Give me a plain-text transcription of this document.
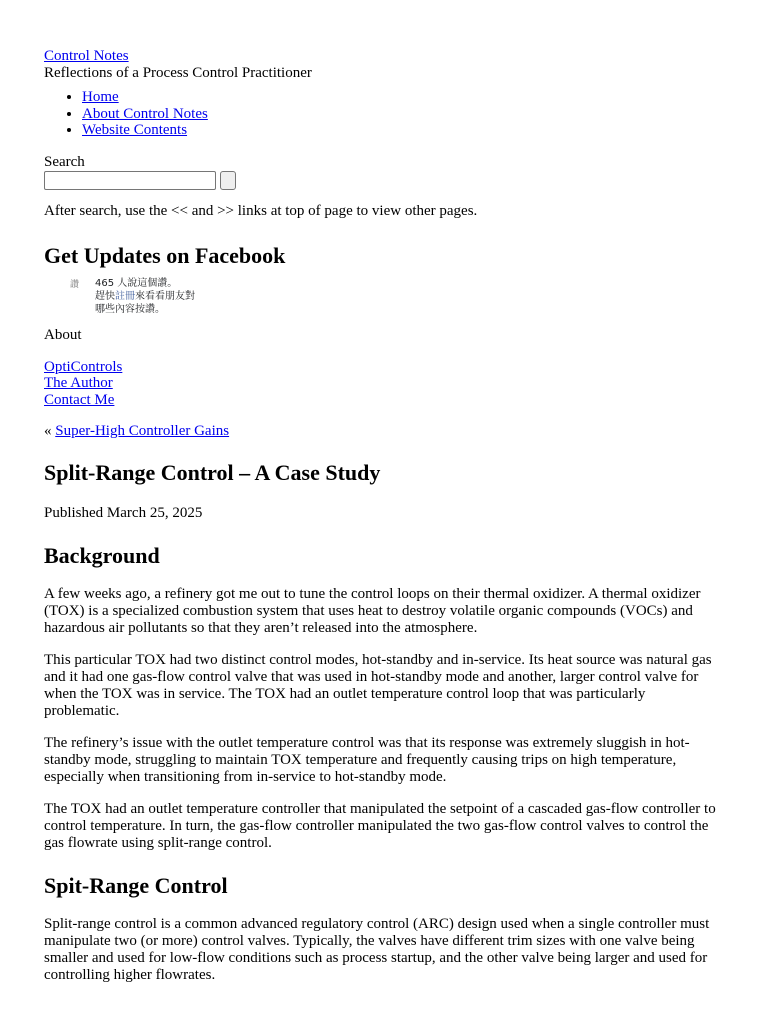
Control Notes
Reflections of a Process Control Practitioner
• Home
• About Control Notes
• Website Contents
Search
After search, use the << and >> links at top of page to view other pages.
Get Updates on Facebook
讚 465 人說這個讚。
趕快註冊來看看朋友對哪些內容按讚。
About
OptiControls
The Author
Contact Me
« Super-High Controller Gains
Split-Range Control – A Case Study
Published March 25, 2025
Background

A few weeks ago, a refinery got me out to tune the control loops on their thermal oxidizer. A thermal oxidizer (TOX) is a specialized combustion system that uses heat to destroy volatile organic compounds (VOCs) and hazardous air pollutants so that they aren’t released into the atmosphere.

This particular TOX had two distinct control modes, hot-standby and in-service. Its heat source was natural gas and it had one gas-flow control valve that was used in hot-standby mode and another, larger control valve for when the TOX was in service. The TOX had an outlet temperature control loop that was particularly problematic.

The refinery’s issue with the outlet temperature control was that its response was extremely sluggish in hot-standby mode, struggling to maintain TOX temperature and frequently causing trips on high temperature, especially when transitioning from in-service to hot-standby mode.

The TOX had an outlet temperature controller that manipulated the setpoint of a cascaded gas-flow controller to control temperature. In turn, the gas-flow controller manipulated the two gas-flow control valves to control the gas flowrate using split-range control.

Spit-Range Control

Split-range control is a common advanced regulatory control (ARC) design used when a single controller must manipulate two (or more) control valves. Typically, the valves have different trim sizes with one valve being smaller and used for low-flow conditions such as process startup, and the other valve being larger and used for controlling higher flowrates.
